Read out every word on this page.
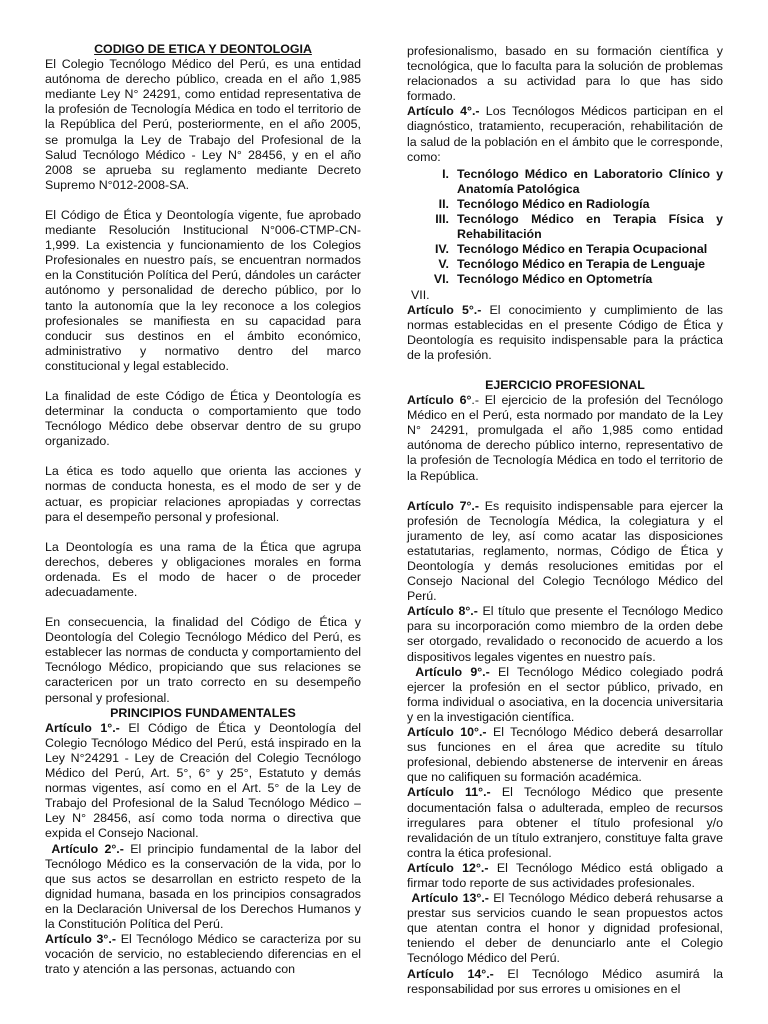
CODIGO DE ETICA Y DEONTOLOGIA

El Colegio Tecnólogo Médico del Perú, es una entidad autónoma de derecho público, creada en el año 1,985 mediante Ley N° 24291, como entidad representativa de la profesión de Tecnología Médica en todo el territorio de la República del Perú, posteriormente, en el año 2005, se promulga la Ley de Trabajo del Profesional de la Salud Tecnólogo Médico - Ley N° 28456, y en el año 2008 se aprueba su reglamento mediante Decreto Supremo N°012-2008-SA.

El Código de Ética y Deontología vigente, fue aprobado mediante Resolución Institucional N°006-CTMP-CN-1,999. La existencia y funcionamiento de los Colegios Profesionales en nuestro país, se encuentran normados en la Constitución Política del Perú, dándoles un carácter autónomo y personalidad de derecho público, por lo tanto la autonomía que la ley reconoce a los colegios profesionales se manifiesta en su capacidad para conducir sus destinos en el ámbito económico, administrativo y normativo dentro del marco constitucional y legal establecido.

La finalidad de este Código de Ética y Deontología es determinar la conducta o comportamiento que todo Tecnólogo Médico debe observar dentro de su grupo organizado.

La ética es todo aquello que orienta las acciones y normas de conducta honesta, es el modo de ser y de actuar, es propiciar relaciones apropiadas y correctas para el desempeño personal y profesional.

La Deontología es una rama de la Ética que agrupa derechos, deberes y obligaciones morales en forma ordenada. Es el modo de hacer o de proceder adecuadamente.

En consecuencia, la finalidad del Código de Ética y Deontología del Colegio Tecnólogo Médico del Perú, es establecer las normas de conducta y comportamiento del Tecnólogo Médico, propiciando que sus relaciones se caractericen por un trato correcto en su desempeño personal y profesional.

PRINCIPIOS FUNDAMENTALES

Artículo 1°.- El Código de Ética y Deontología del Colegio Tecnólogo Médico del Perú, está inspirado en la Ley N°24291 - Ley de Creación del Colegio Tecnólogo Médico del Perú, Art. 5°, 6° y 25°, Estatuto y demás normas vigentes, así como en el Art. 5° de la Ley de Trabajo del Profesional de la Salud Tecnólogo Médico – Ley N° 28456, así como toda norma o directiva que expida el Consejo Nacional.

Artículo 2°.- El principio fundamental de la labor del Tecnólogo Médico es la conservación de la vida, por lo que sus actos se desarrollan en estricto respeto de la dignidad humana, basada en los principios consagrados en la Declaración Universal de los Derechos Humanos y la Constitución Política del Perú.

Artículo 3°.- El Tecnólogo Médico se caracteriza por su vocación de servicio, no estableciendo diferencias en el trato y atención a las personas, actuando con

profesionalismo, basado en su formación científica y tecnológica, que lo faculta para la solución de problemas relacionados a su actividad para lo que has sido formado.

Artículo 4°.- Los Tecnólogos Médicos participan en el diagnóstico, tratamiento, recuperación, rehabilitación de la salud de la población en el ámbito que le corresponde, como:

I. Tecnólogo Médico en Laboratorio Clínico y Anatomía Patológica
II. Tecnólogo Médico en Radiología
III. Tecnólogo Médico en Terapia Física y Rehabilitación
IV. Tecnólogo Médico en Terapia Ocupacional
V. Tecnólogo Médico en Terapia de Lenguaje
VI. Tecnólogo Médico en Optometría
VII.

Artículo 5°.- El conocimiento y cumplimiento de las normas establecidas en el presente Código de Ética y Deontología es requisito indispensable para la práctica de la profesión.

EJERCICIO PROFESIONAL

Artículo 6°.- El ejercicio de la profesión del Tecnólogo Médico en el Perú, esta normado por mandato de la Ley N° 24291, promulgada el año 1,985 como entidad autónoma de derecho público interno, representativo de la profesión de Tecnología Médica en todo el territorio de la República.

Artículo 7°.- Es requisito indispensable para ejercer la profesión de Tecnología Médica, la colegiatura y el juramento de ley, así como acatar las disposiciones estatutarias, reglamento, normas, Código de Ética y Deontología y demás resoluciones emitidas por el Consejo Nacional del Colegio Tecnólogo Médico del Perú.

Artículo 8°.- El título que presente el Tecnólogo Medico para su incorporación como miembro de la orden debe ser otorgado, revalidado o reconocido de acuerdo a los dispositivos legales vigentes en nuestro país.

Artículo 9°.- El Tecnólogo Médico colegiado podrá ejercer la profesión en el sector público, privado, en forma individual o asociativa, en la docencia universitaria y en la investigación científica.

Artículo 10°.- El Tecnólogo Médico deberá desarrollar sus funciones en el área que acredite su título profesional, debiendo abstenerse de intervenir en áreas que no califiquen su formación académica.

Artículo 11°.- El Tecnólogo Médico que presente documentación falsa o adulterada, empleo de recursos irregulares para obtener el título profesional y/o revalidación de un título extranjero, constituye falta grave contra la ética profesional.

Artículo 12°.- El Tecnólogo Médico está obligado a firmar todo reporte de sus actividades profesionales.

Artículo 13°.- El Tecnólogo Médico deberá rehusarse a prestar sus servicios cuando le sean propuestos actos que atentan contra el honor y dignidad profesional, teniendo el deber de denunciarlo ante el Colegio Tecnólogo Médico del Perú.

Artículo 14°.- El Tecnólogo Médico asumirá la responsabilidad por sus errores u omisiones en el
